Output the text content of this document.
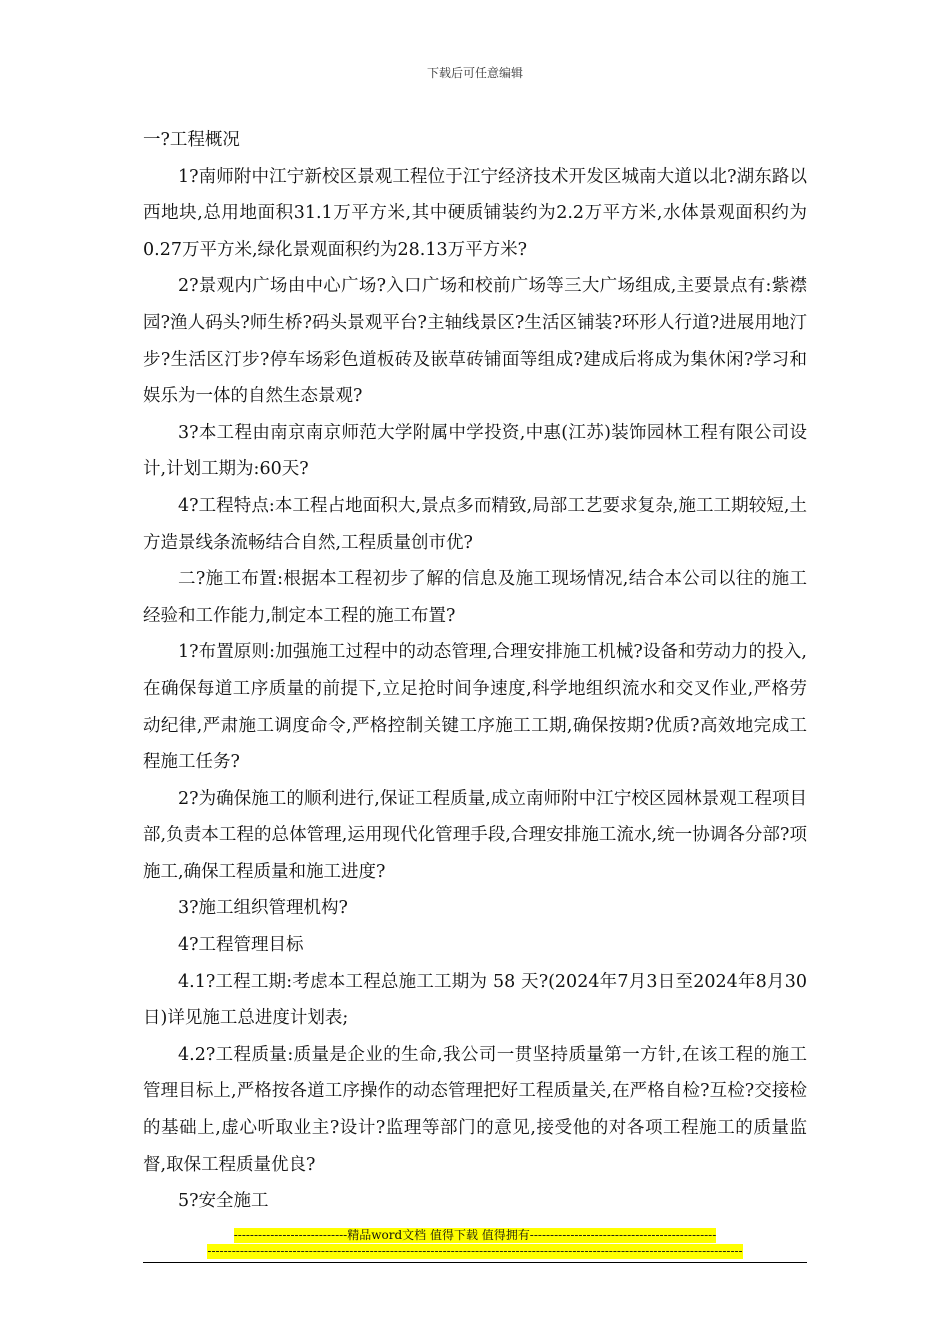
下载后可任意编辑

一?工程概况

1?南师附中江宁新校区景观工程位于江宁经济技术开发区城南大道以北?湖东路以西地块,总用地面积31.1万平方米,其中硬质铺装约为2.2万平方米,水体景观面积约为0.27万平方米,绿化景观面积约为28.13万平方米?

2?景观内广场由中心广场?入口广场和校前广场等三大广场组成,主要景点有:紫襟园?渔人码头?师生桥?码头景观平台?主轴线景区?生活区铺装?环形人行道?进展用地汀步?生活区汀步?停车场彩色道板砖及嵌草砖铺面等组成?建成后将成为集休闲?学习和娱乐为一体的自然生态景观?

3?本工程由南京南京师范大学附属中学投资,中惠(江苏)装饰园林工程有限公司设计,计划工期为:60天?

4?工程特点:本工程占地面积大,景点多而精致,局部工艺要求复杂,施工工期较短,土方造景线条流畅结合自然,工程质量创市优?

二?施工布置:根据本工程初步了解的信息及施工现场情况,结合本公司以往的施工经验和工作能力,制定本工程的施工布置?

1?布置原则:加强施工过程中的动态管理,合理安排施工机械?设备和劳动力的投入,在确保每道工序质量的前提下,立足抢时间争速度,科学地组织流水和交叉作业,严格劳动纪律,严肃施工调度命令,严格控制关键工序施工工期,确保按期?优质?高效地完成工程施工任务?

2?为确保施工的顺利进行,保证工程质量,成立南师附中江宁校区园林景观工程项目部,负责本工程的总体管理,运用现代化管理手段,合理安排施工流水,统一协调各分部?项施工,确保工程质量和施工进度?

3?施工组织管理机构?

4?工程管理目标

4.1?工程工期:考虑本工程总施工工期为 58 天?(2024年7月3日至2024年8月30日)详见施工总进度计划表;

4.2?工程质量:质量是企业的生命,我公司一贯坚持质量第一方针,在该工程的施工管理目标上,严格按各道工序操作的动态管理把好工程质量关,在严格自检?互检?交接检的基础上,虚心听取业主?设计?监理等部门的意见,接受他的对各项工程施工的质量监督,取保工程质量优良?

5?安全施工

----------------------------精品word文档 值得下载 值得拥有----------------------------------------------
------------------------------------------------------------------------------------------------------------------------------------
